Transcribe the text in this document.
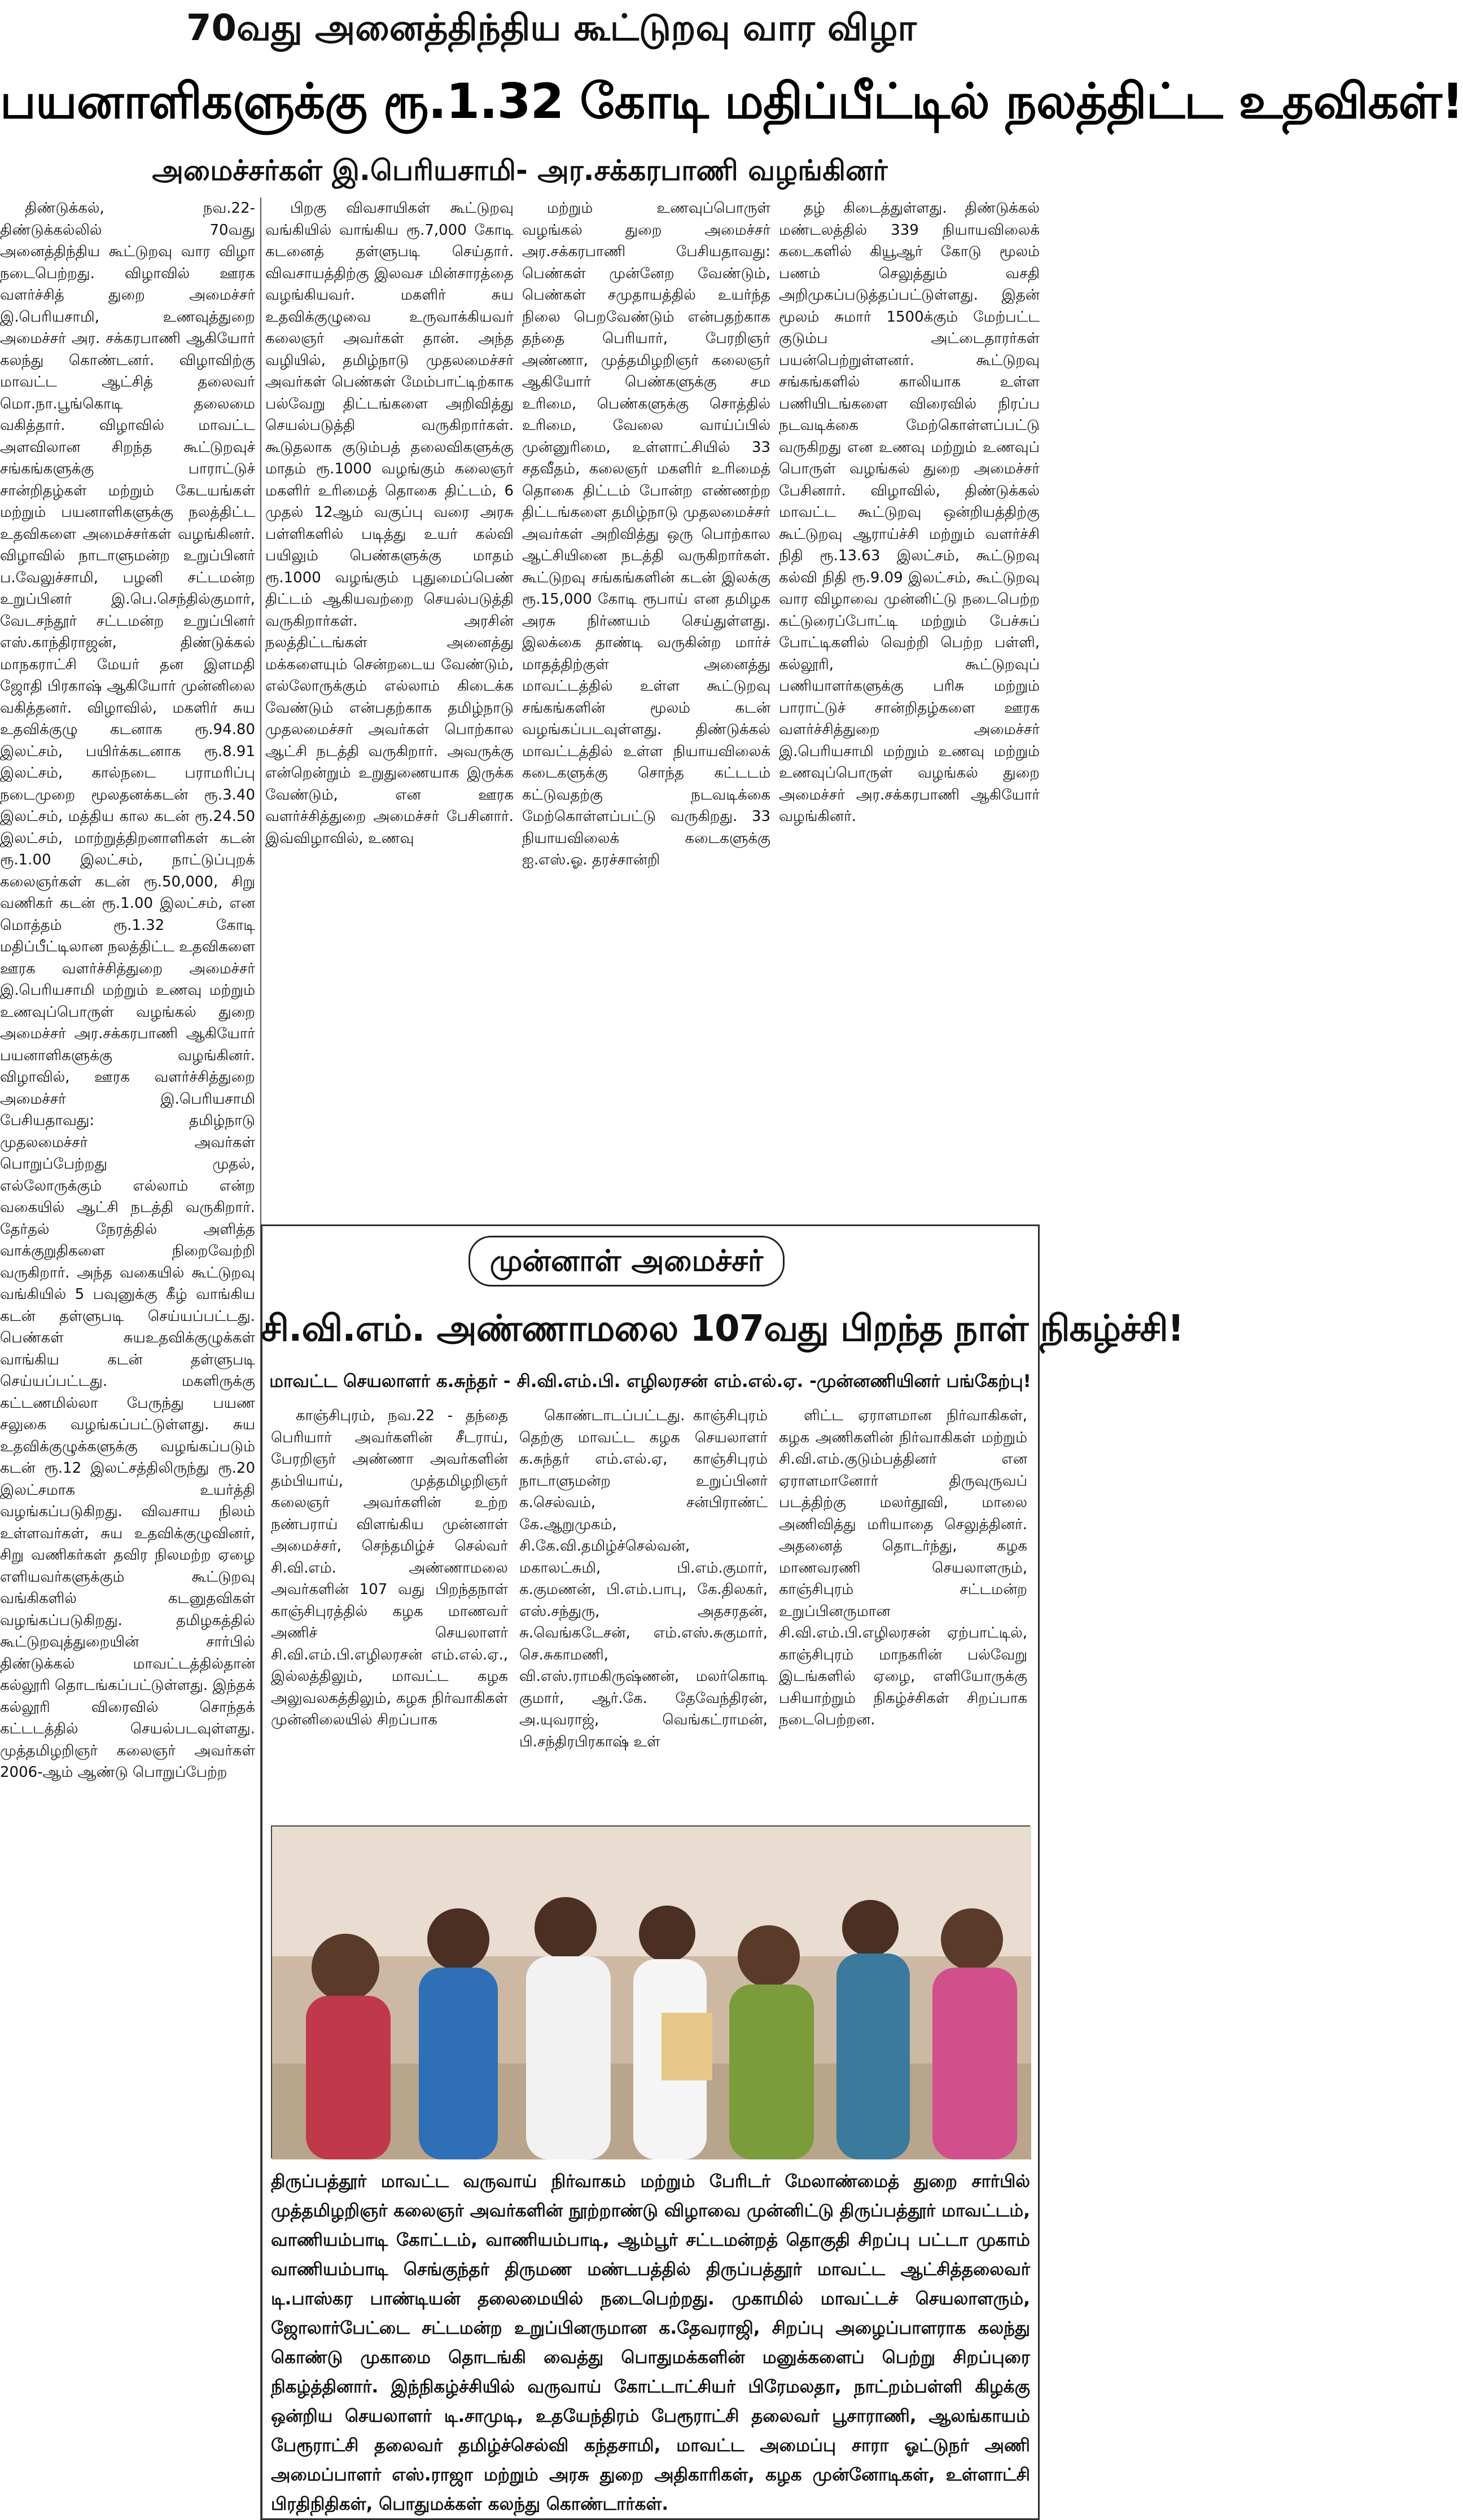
70வது அனைத்திந்திய கூட்டுறவு வார விழா
பயனாளிகளுக்கு ரூ.1.32 கோடி மதிப்பீட்டில் நலத்திட்ட உதவிகள்!
அமைச்சர்கள் இ.பெரியசாமி- அர.சக்கரபாணி வழங்கினர்

திண்டுக்கல், நவ.22- திண்டுக்கல்லில் 70வது அனைத்திந்திய கூட்டுறவு வார விழா நடைபெற்றது. விழாவில் ஊரக வளர்ச்சித் துறை அமைச்சர் இ.பெரியசாமி, உணவுத்துறை அமைச்சர் அர. சக்கரபாணி ஆகியோர் கலந்து கொண்டனர். விழாவிற்கு மாவட்ட ஆட்சித் தலைவர் மொ.நா.பூங்கொடி தலைமை வகித்தார். விழாவில் மாவட்ட அளவிலான சிறந்த கூட்டுறவுச் சங்கங்களுக்கு பாராட்டுச் சான்றிதழ்கள் மற்றும் கேடயங்கள் மற்றும் பயனாளிகளுக்கு நலத்திட்ட உதவிகளை அமைச்சர்கள் வழங்கினர். விழாவில் நாடாளுமன்ற உறுப்பினர் ப.வேலுச்சாமி, பழனி சட்டமன்ற உறுப்பினர் இ.பெ.செந்தில்குமார், வேடசந்தூர் சட்டமன்ற உறுப்பினர் எஸ்.காந்திராஜன், திண்டுக்கல் மாநகராட்சி மேயர் தன இளமதி ஜோதி பிரகாஷ் ஆகியோர் முன்னிலை வகித்தனர். விழாவில், மகளிர் சுய உதவிக்குழு கடனாக ரூ.94.80 இலட்சம், பயிர்க்கடனாக ரூ.8.91 இலட்சம், கால்நடை பராமரிப்பு நடைமுறை மூலதனக்கடன் ரூ.3.40 இலட்சம், மத்திய கால கடன் ரூ.24.50 இலட்சம், மாற்றுத்திறனாளிகள் கடன் ரூ.1.00 இலட்சம், நாட்டுப்புறக் கலைஞர்கள் கடன் ரூ.50,000, சிறு வணிகர் கடன் ரூ.1.00 இலட்சம், என மொத்தம் ரூ.1.32 கோடி மதிப்பீட்டிலான நலத்திட்ட உதவிகளை ஊரக வளர்ச்சித்துறை அமைச்சர் இ.பெரியசாமி மற்றும் உணவு மற்றும் உணவுப்பொருள் வழங்கல் துறை அமைச்சர் அர.சக்கரபாணி ஆகியோர் பயனாளிகளுக்கு வழங்கினர். விழாவில், ஊரக வளர்ச்சித்துறை அமைச்சர் இ.பெரியசாமி பேசியதாவது: தமிழ்நாடு முதலமைச்சர் அவர்கள் பொறுப்பேற்றது முதல், எல்லோருக்கும் எல்லாம் என்ற வகையில் ஆட்சி நடத்தி வருகிறார். தேர்தல் நேரத்தில் அளித்த வாக்குறுதிகளை நிறைவேற்றி வருகிறார். அந்த வகையில் கூட்டுறவு வங்கியில் 5 பவுனுக்கு கீழ் வாங்கிய கடன் தள்ளுபடி செய்யப்பட்டது. பெண்கள் சுயஉதவிக்குழுக்கள் வாங்கிய கடன் தள்ளுபடி செய்யப்பட்டது. மகளிருக்கு கட்டணமில்லா பேருந்து பயண சலுகை வழங்கப்பட்டுள்ளது. சுய உதவிக்குழுக்களுக்கு வழங்கப்படும் கடன் ரூ.12 இலட்சத்திலிருந்து ரூ.20 இலட்சமாக உயர்த்தி வழங்கப்படுகிறது. விவசாய நிலம் உள்ளவர்கள், சுய உதவிக்குழுவினர், சிறு வணிகர்கள் தவிர நிலமற்ற ஏழை எளியவர்களுக்கும் கூட்டுறவு வங்கிகளில் கடனுதவிகள் வழங்கப்படுகிறது. தமிழகத்தில் கூட்டுறவுத்துறையின் சார்பில் திண்டுக்கல் மாவட்டத்தில்தான் கல்லூரி தொடங்கப்பட்டுள்ளது. இந்தக் கல்லூரி விரைவில் சொந்தக் கட்டடத்தில் செயல்படவுள்ளது. முத்தமிழறிஞர் கலைஞர் அவர்கள் 2006-ஆம் ஆண்டு பொறுப்பேற்ற

பிறகு விவசாயிகள் கூட்டுறவு வங்கியில் வாங்கிய ரூ.7,000 கோடி கடனைத் தள்ளுபடி செய்தார். விவசாயத்திற்கு இலவச மின்சாரத்தை வழங்கியவர். மகளிர் சுய உதவிக்குழுவை உருவாக்கியவர் கலைஞர் அவர்கள் தான். அந்த வழியில், தமிழ்நாடு முதலமைச்சர் அவர்கள் பெண்கள் மேம்பாட்டிற்காக பல்வேறு திட்டங்களை அறிவித்து செயல்படுத்தி வருகிறார்கள். கூடுதலாக குடும்பத் தலைவிகளுக்கு மாதம் ரூ.1000 வழங்கும் கலைஞர் மகளிர் உரிமைத் தொகை திட்டம், 6 முதல் 12ஆம் வகுப்பு வரை அரசு பள்ளிகளில் படித்து உயர் கல்வி பயிலும் பெண்களுக்கு மாதம் ரூ.1000 வழங்கும் புதுமைப்பெண் திட்டம் ஆகியவற்றை செயல்படுத்தி வருகிறார்கள். அரசின் நலத்திட்டங்கள் அனைத்து மக்களையும் சென்றடைய வேண்டும், எல்லோருக்கும் எல்லாம் கிடைக்க வேண்டும் என்பதற்காக தமிழ்நாடு முதலமைச்சர் அவர்கள் பொற்கால ஆட்சி நடத்தி வருகிறார். அவருக்கு என்றென்றும் உறுதுணையாக இருக்க வேண்டும், என ஊரக வளர்ச்சித்துறை அமைச்சர் பேசினார். இவ்விழாவில், உணவு

மற்றும் உணவுப்பொருள் வழங்கல் துறை அமைச்சர் அர.சக்கரபாணி பேசியதாவது: பெண்கள் முன்னேற வேண்டும், பெண்கள் சமுதாயத்தில் உயர்ந்த நிலை பெறவேண்டும் என்பதற்காக தந்தை பெரியார், பேரறிஞர் அண்ணா, முத்தமிழறிஞர் கலைஞர் ஆகியோர் பெண்களுக்கு சம உரிமை, பெண்களுக்கு சொத்தில் உரிமை, வேலை வாய்ப்பில் முன்னுரிமை, உள்ளாட்சியில் 33 சதவீதம், கலைஞர் மகளிர் உரிமைத் தொகை திட்டம் போன்ற எண்ணற்ற திட்டங்களை தமிழ்நாடு முதலமைச்சர் அவர்கள் அறிவித்து ஒரு பொற்கால ஆட்சியினை நடத்தி வருகிறார்கள். கூட்டுறவு சங்கங்களின் கடன் இலக்கு ரூ.15,000 கோடி ரூபாய் என தமிழக அரசு நிர்ணயம் செய்துள்ளது. இலக்கை தாண்டி வருகின்ற மார்ச் மாதத்திற்குள் அனைத்து மாவட்டத்தில் உள்ள கூட்டுறவு சங்கங்களின் மூலம் கடன் வழங்கப்படவுள்ளது. திண்டுக்கல் மாவட்டத்தில் உள்ள நியாயவிலைக் கடைகளுக்கு சொந்த கட்டடம் கட்டுவதற்கு நடவடிக்கை மேற்கொள்ளப்பட்டு வருகிறது. 33 நியாயவிலைக் கடைகளுக்கு ஐ.எஸ்.ஓ. தரச்சான்றி

தழ் கிடைத்துள்ளது. திண்டுக்கல் மண்டலத்தில் 339 நியாயவிலைக் கடைகளில் கியூஆர் கோடு மூலம் பணம் செலுத்தும் வசதி அறிமுகப்படுத்தப்பட்டுள்ளது. இதன் மூலம் சுமார் 1500க்கும் மேற்பட்ட குடும்ப அட்டைதாரர்கள் பயன்பெற்றுள்ளனர். கூட்டுறவு சங்கங்களில் காலியாக உள்ள பணியிடங்களை விரைவில் நிரப்ப நடவடிக்கை மேற்கொள்ளப்பட்டு வருகிறது என உணவு மற்றும் உணவுப் பொருள் வழங்கல் துறை அமைச்சர் பேசினார். விழாவில், திண்டுக்கல் மாவட்ட கூட்டுறவு ஒன்றியத்திற்கு கூட்டுறவு ஆராய்ச்சி மற்றும் வளர்ச்சி நிதி ரூ.13.63 இலட்சம், கூட்டுறவு கல்வி நிதி ரூ.9.09 இலட்சம், கூட்டுறவு வார விழாவை முன்னிட்டு நடைபெற்ற கட்டுரைப்போட்டி மற்றும் பேச்சுப் போட்டிகளில் வெற்றி பெற்ற பள்ளி, கல்லூரி, கூட்டுறவுப் பணியாளர்களுக்கு பரிசு மற்றும் பாராட்டுச் சான்றிதழ்களை ஊரக வளர்ச்சித்துறை அமைச்சர் இ.பெரியசாமி மற்றும் உணவு மற்றும் உணவுப்பொருள் வழங்கல் துறை அமைச்சர் அர.சக்கரபாணி ஆகியோர் வழங்கினர்.

முன்னாள் அமைச்சர்
சி.வி.எம். அண்ணாமலை 107வது பிறந்த நாள் நிகழ்ச்சி!
மாவட்ட செயலாளர் க.சுந்தர் - சி.வி.எம்.பி. எழிலரசன் எம்.எல்.ஏ. -முன்னணியினர் பங்கேற்பு!

காஞ்சிபுரம், நவ.22 - தந்தை பெரியார் அவர்களின் சீடராய், பேரறிஞர் அண்ணா அவர்களின் தம்பியாய், முத்தமிழறிஞர் கலைஞர் அவர்களின் உற்ற நண்பராய் விளங்கிய முன்னாள் அமைச்சர், செந்தமிழ்ச் செல்வர் சி.வி.எம். அண்ணாமலை அவர்களின் 107 வது பிறந்தநாள் காஞ்சிபுரத்தில் கழக மாணவர் அணிச் செயலாளர் சி.வி.எம்.பி.எழிலரசன் எம்.எல்.ஏ., இல்லத்திலும், மாவட்ட கழக அலுவலகத்திலும், கழக நிர்வாகிகள் முன்னிலையில் சிறப்பாக

கொண்டாடப்பட்டது. காஞ்சிபுரம் தெற்கு மாவட்ட கழக செயலாளர் க.சுந்தர் எம்.எல்.ஏ, காஞ்சிபுரம் நாடாளுமன்ற உறுப்பினர் க.செல்வம், சன்பிராண்ட் கே.ஆறுமுகம், சி.கே.வி.தமிழ்ச்செல்வன், மகாலட்சுமி, பி.எம்.குமார், க.குமணன், பி.எம்.பாபு, கே.திலகர், எஸ்.சந்துரு, அதசரதன், சு.வெங்கடேசன், எம்.எஸ்.சுகுமார், செ.சுகாமணி, வி.எஸ்.ராமகிருஷ்ணன், மலர்கொடி குமார், ஆர்.கே. தேவேந்திரன், அ.யுவராஜ், வெங்கட்ராமன், பி.சந்திரபிரகாஷ் உள்

ளிட்ட ஏராளமான நிர்வாகிகள், கழக அணிகளின் நிர்வாகிகள் மற்றும் சி.வி.எம்.குடும்பத்தினர் என ஏராளமானோர் திருவுருவப் படத்திற்கு மலர்தூவி, மாலை அணிவித்து மரியாதை செலுத்தினர். அதனைத் தொடர்ந்து, கழக மாணவரணி செயலாளரும், காஞ்சிபுரம் சட்டமன்ற உறுப்பினருமான சி.வி.எம்.பி.எழிலரசன் ஏற்பாட்டில், காஞ்சிபுரம் மாநகரின் பல்வேறு இடங்களில் ஏழை, எளியோருக்கு பசியாற்றும் நிகழ்ச்சிகள் சிறப்பாக நடைபெற்றன.

திருப்பத்தூர் மாவட்ட வருவாய் நிர்வாகம் மற்றும் பேரிடர் மேலாண்மைத் துறை சார்பில் முத்தமிழறிஞர் கலைஞர் அவர்களின் நூற்றாண்டு விழாவை முன்னிட்டு திருப்பத்தூர் மாவட்டம், வாணியம்பாடி கோட்டம், வாணியம்பாடி, ஆம்பூர் சட்டமன்றத் தொகுதி சிறப்பு பட்டா முகாம் வாணியம்பாடி செங்குந்தர் திருமண மண்டபத்தில் திருப்பத்தூர் மாவட்ட ஆட்சித்தலைவர் டி.பாஸ்கர பாண்டியன் தலைமையில் நடைபெற்றது. முகாமில் மாவட்டச் செயலாளரும், ஜோலார்பேட்டை சட்டமன்ற உறுப்பினருமான க.தேவராஜி, சிறப்பு அழைப்பாளராக கலந்து கொண்டு முகாமை தொடங்கி வைத்து பொதுமக்களின் மனுக்களைப் பெற்று சிறப்புரை நிகழ்த்தினார். இந்நிகழ்ச்சியில் வருவாய் கோட்டாட்சியர் பிரேமலதா, நாட்றம்பள்ளி கிழக்கு ஒன்றிய செயலாளர் டி.சாமுடி, உதயேந்திரம் பேரூராட்சி தலைவர் பூசாராணி, ஆலங்காயம் பேரூராட்சி தலைவர் தமிழ்ச்செல்வி கந்தசாமி, மாவட்ட அமைப்பு சாரா ஓட்டுநர் அணி அமைப்பாளர் எஸ்.ராஜா மற்றும் அரசு துறை அதிகாரிகள், கழக முன்னோடிகள், உள்ளாட்சி பிரதிநிதிகள், பொதுமக்கள் கலந்து கொண்டார்கள்.
